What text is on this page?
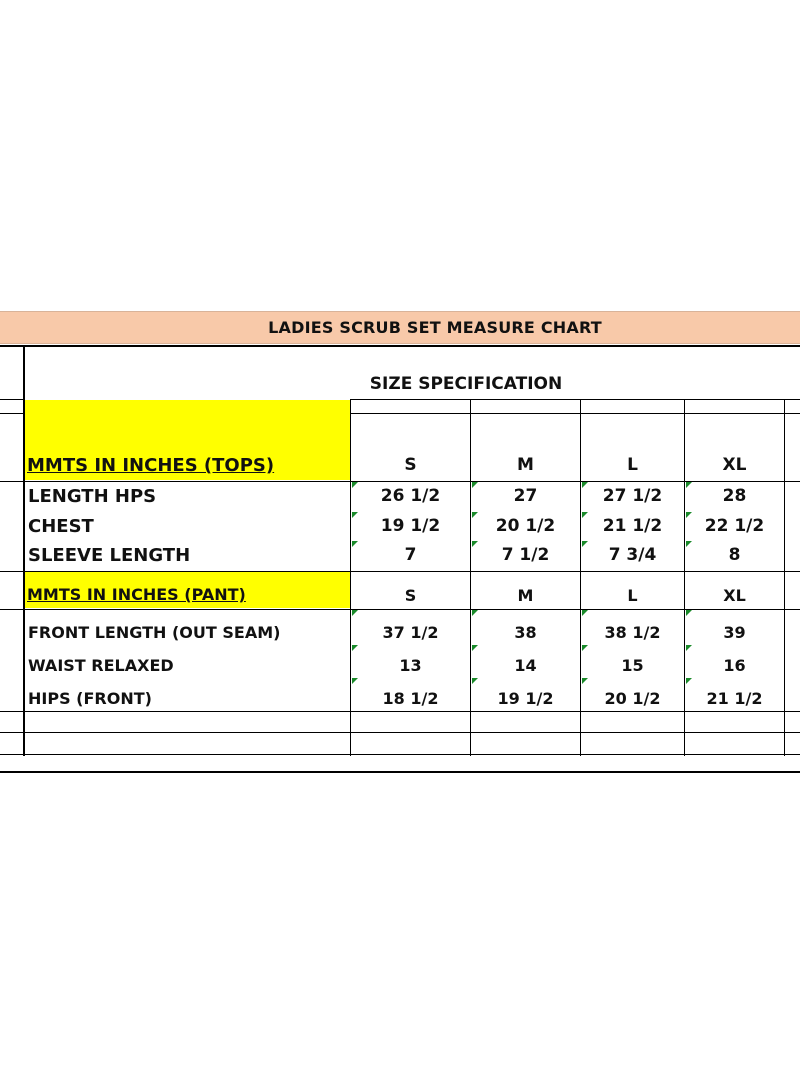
LADIES SCRUB SET MEASURE CHART
SIZE SPECIFICATION
MMTS IN INCHES (TOPS)	S	M	L	XL
LENGTH HPS	26 1/2	27	27 1/2	28
CHEST	19 1/2	20 1/2	21 1/2	22 1/2
SLEEVE LENGTH	7	7 1/2	7 3/4	8
MMTS IN INCHES (PANT)	S	M	L	XL
FRONT LENGTH (OUT SEAM)	37 1/2	38	38 1/2	39
WAIST RELAXED	13	14	15	16
HIPS (FRONT)	18 1/2	19 1/2	20 1/2	21 1/2
